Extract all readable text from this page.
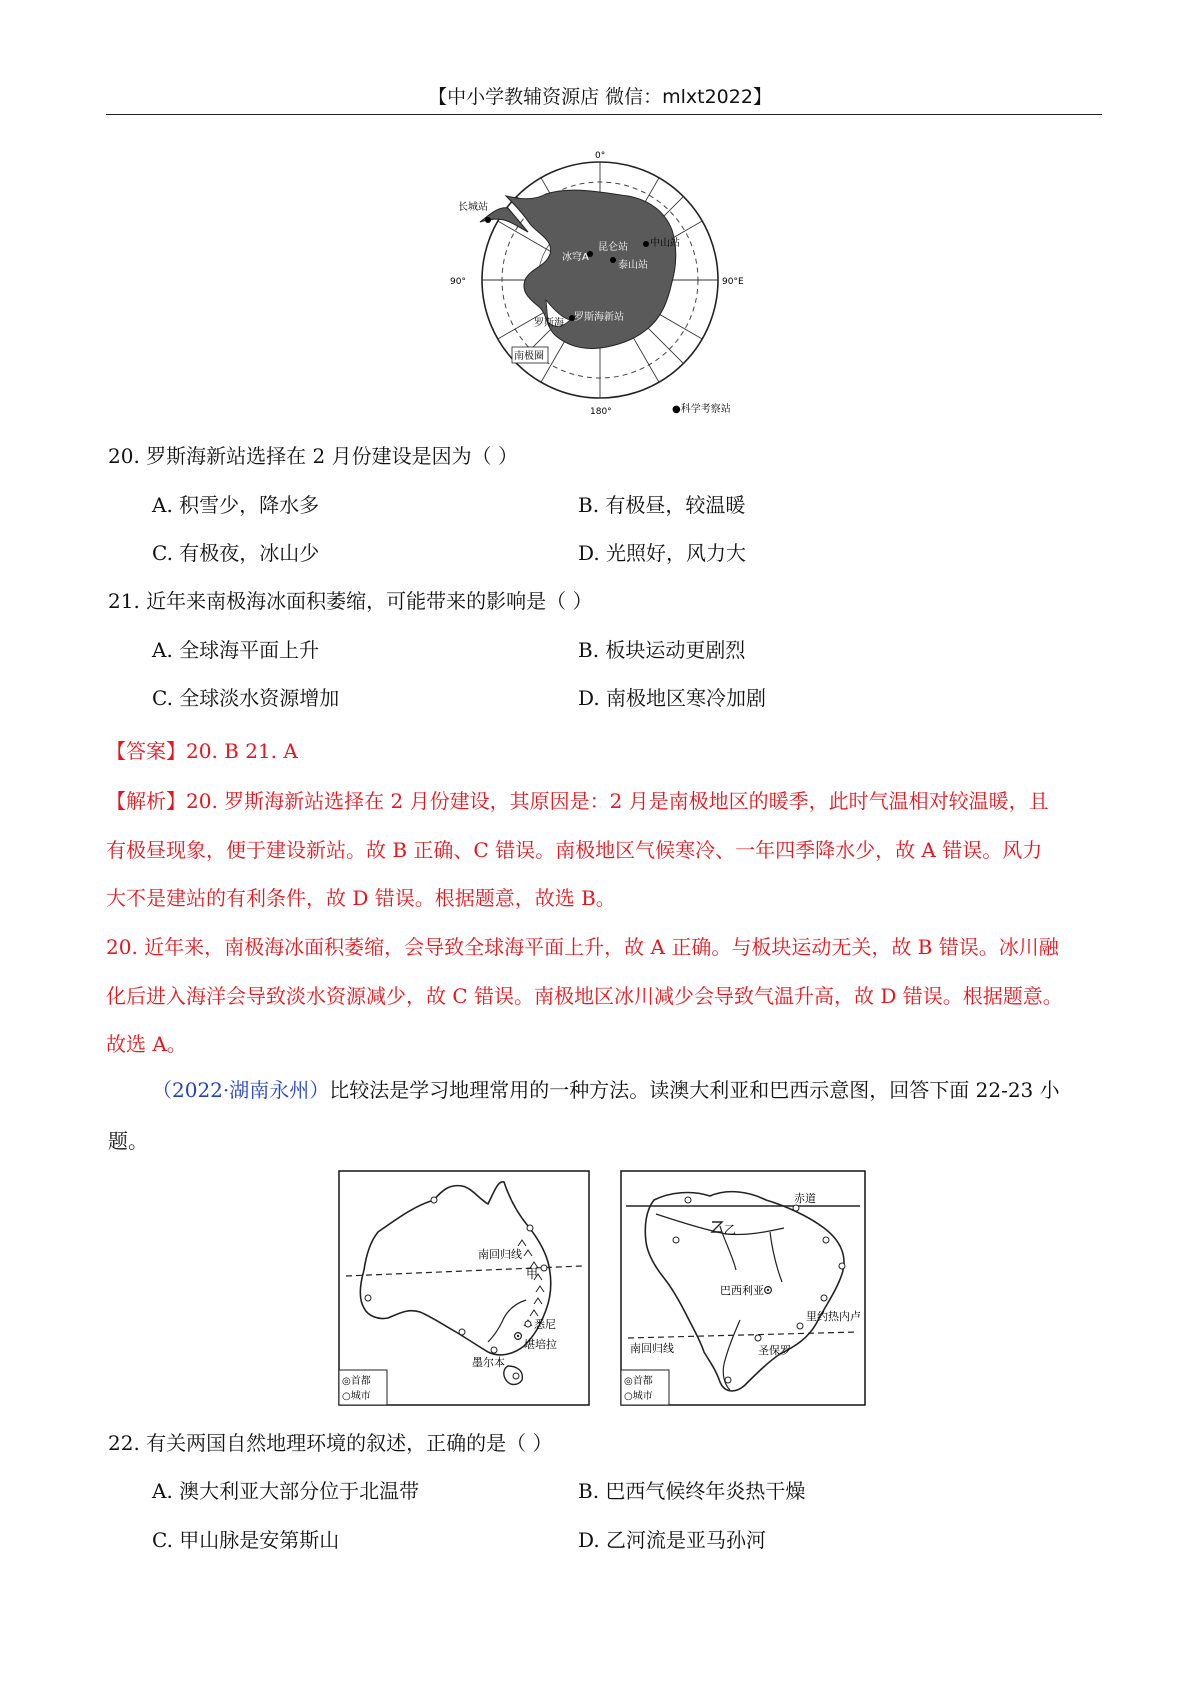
【中小学教辅资源店 微信：mlxt2022】
0°
90°	90°E
180°
长城站
中山站
昆仑站
泰山站
冰穹A
罗斯海
罗斯海新站
南极圈
●科学考察站
20. 罗斯海新站选择在 2 月份建设是因为（ ）
A. 积雪少，降水多	B. 有极昼，较温暖
C. 有极夜，冰山少	D. 光照好，风力大
21. 近年来南极海冰面积萎缩，可能带来的影响是（ ）
A. 全球海平面上升	B. 板块运动更剧烈
C. 全球淡水资源增加	D. 南极地区寒冷加剧
【答案】20. B 21. A
【解析】20. 罗斯海新站选择在 2 月份建设，其原因是：2 月是南极地区的暖季，此时气温相对较温暖，且
有极昼现象，便于建设新站。故 B 正确、C 错误。南极地区气候寒冷、一年四季降水少，故 A 错误。风力
大不是建站的有利条件，故 D 错误。根据题意，故选 B。
20. 近年来，南极海冰面积萎缩，会导致全球海平面上升，故 A 正确。与板块运动无关，故 B 错误。冰川融
化后进入海洋会导致淡水资源减少，故 C 错误。南极地区冰川减少会导致气温升高，故 D 错误。根据题意。
故选 A。
（2022·湖南永州）比较法是学习地理常用的一种方法。读澳大利亚和巴西示意图，回答下面 22-23 小
题。
南回归线
甲
悉尼
堪培拉
墨尔本
◎首都
○城市
赤道
乙
巴西利亚
里约热内卢
圣保罗
南回归线
◎首都
○城市
22. 有关两国自然地理环境的叙述，正确的是（ ）
A. 澳大利亚大部分位于北温带	B. 巴西气候终年炎热干燥
C. 甲山脉是安第斯山	D. 乙河流是亚马孙河
